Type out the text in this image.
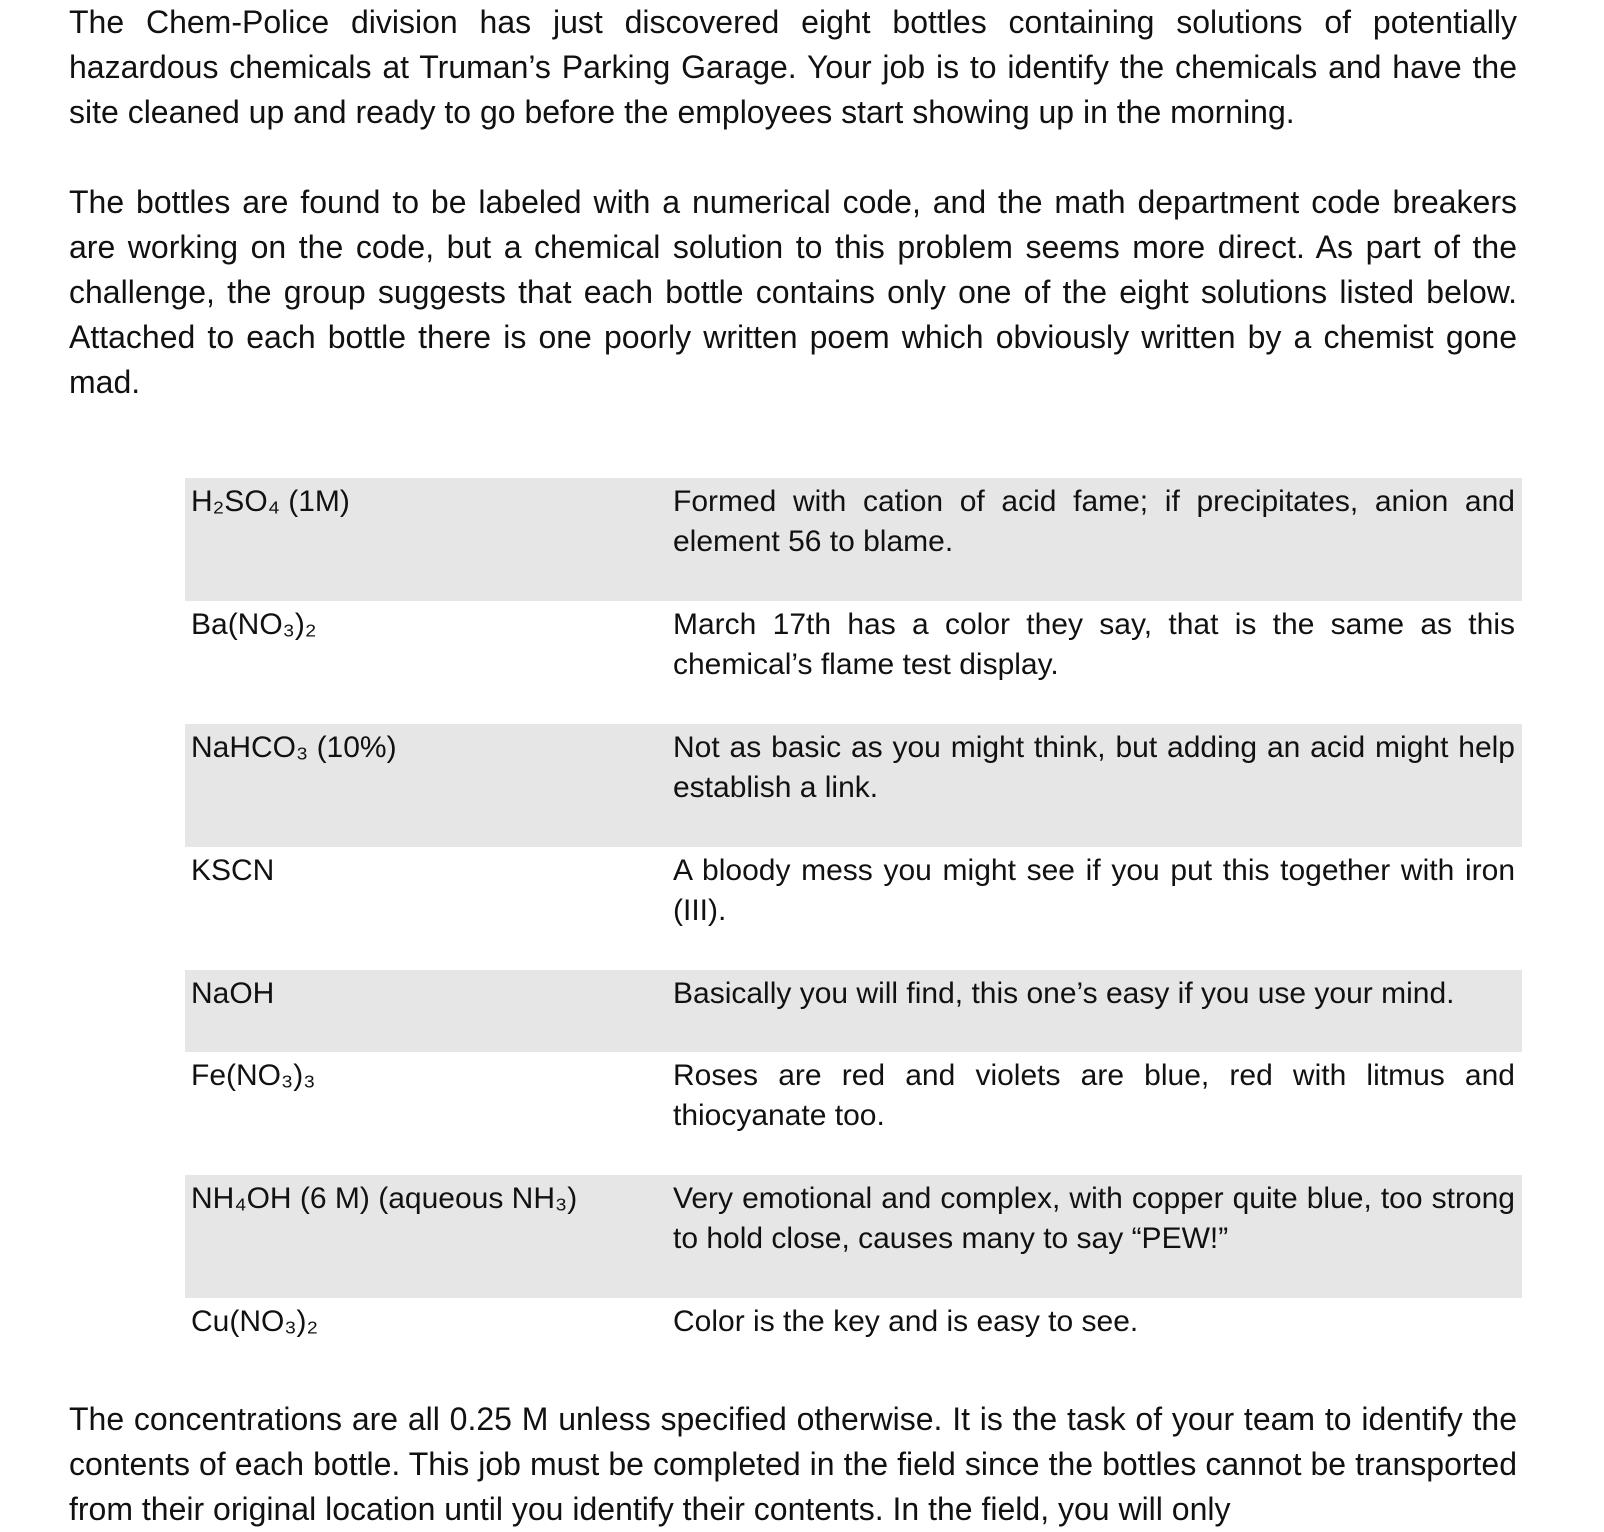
The Chem-Police division has just discovered eight bottles containing solutions of potentially hazardous chemicals at Truman’s Parking Garage. Your job is to identify the chemicals and have the site cleaned up and ready to go before the employees start showing up in the morning.

The bottles are found to be labeled with a numerical code, and the math department code breakers are working on the code, but a chemical solution to this problem seems more direct. As part of the challenge, the group suggests that each bottle contains only one of the eight solutions listed below. Attached to each bottle there is one poorly written poem which obviously written by a chemist gone mad.

H₂SO₄ (1M)	Formed with cation of acid fame; if precipitates, anion and element 56 to blame.
Ba(NO₃)₂	March 17th has a color they say, that is the same as this chemical’s flame test display.
NaHCO₃ (10%)	Not as basic as you might think, but adding an acid might help establish a link.
KSCN	A bloody mess you might see if you put this together with iron (III).
NaOH	Basically you will find, this one’s easy if you use your mind.
Fe(NO₃)₃	Roses are red and violets are blue, red with litmus and thiocyanate too.
NH₄OH (6 M) (aqueous NH₃)	Very emotional and complex, with copper quite blue, too strong to hold close, causes many to say “PEW!”
Cu(NO₃)₂	Color is the key and is easy to see.

The concentrations are all 0.25 M unless specified otherwise. It is the task of your team to identify the contents of each bottle. This job must be completed in the field since the bottles cannot be transported from their original location until you identify their contents. In the field, you will only
